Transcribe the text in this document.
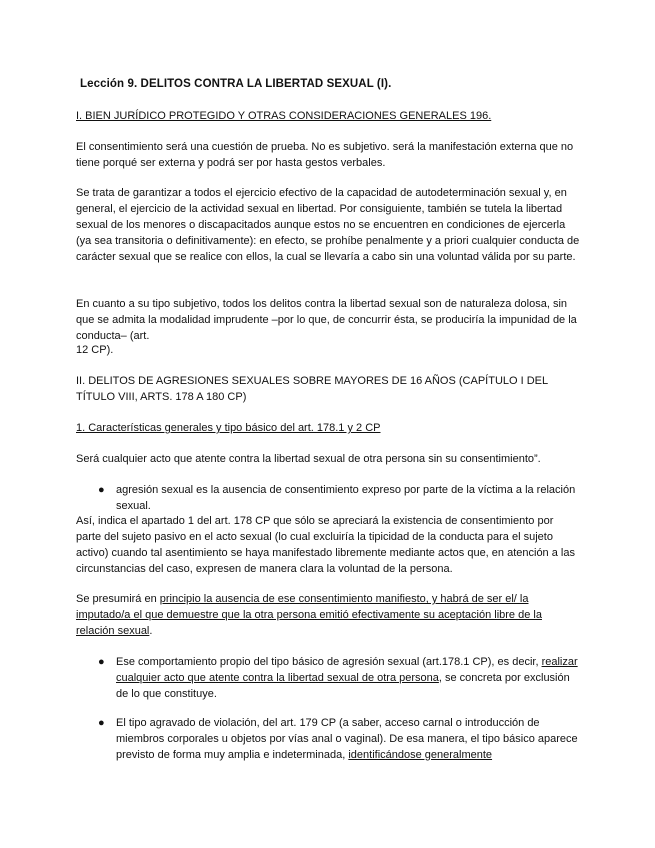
Lección 9. DELITOS CONTRA LA LIBERTAD SEXUAL (I).
I. BIEN JURÍDICO PROTEGIDO Y OTRAS CONSIDERACIONES GENERALES 196.

El consentimiento será una cuestión de prueba. No es subjetivo. será la manifestación externa que no tiene porqué ser externa y podrá ser por hasta gestos verbales.

Se trata de garantizar a todos el ejercicio efectivo de la capacidad de autodeterminación sexual y, en general, el ejercicio de la actividad sexual en libertad. Por consiguiente, también se tutela la libertad sexual de los menores o discapacitados aunque estos no se encuentren en condiciones de ejercerla (ya sea transitoria o definitivamente): en efecto, se prohíbe penalmente y a priori cualquier conducta de carácter sexual que se realice con ellos, la cual se llevaría a cabo sin una voluntad válida por su parte.

En cuanto a su tipo subjetivo, todos los delitos contra la libertad sexual son de naturaleza dolosa, sin que se admita la modalidad imprudente –por lo que, de concurrir ésta, se produciría la impunidad de la conducta– (art.

12 CP).

II. DELITOS DE AGRESIONES SEXUALES SOBRE MAYORES DE 16 AÑOS (CAPÍTULO I DEL TÍTULO VIII, ARTS. 178 A 180 CP)
1. Características generales y tipo básico del art. 178.1 y 2 CP

Será cualquier acto que atente contra la libertad sexual de otra persona sin su consentimiento”.

●	agresión sexual es la ausencia de consentimiento expreso por parte de la víctima a la relación sexual.

Así, indica el apartado 1 del art. 178 CP que sólo se apreciará la existencia de consentimiento por parte del sujeto pasivo en el acto sexual (lo cual excluiría la tipicidad de la conducta para el sujeto activo) cuando tal asentimiento se haya manifestado libremente mediante actos que, en atención a las circunstancias del caso, expresen de manera clara la voluntad de la persona.

Se presumirá en principio la ausencia de ese consentimiento manifiesto, y habrá de ser el/ la imputado/a el que demuestre que la otra persona emitió efectivamente su aceptación libre de la relación sexual.

●	Ese comportamiento propio del tipo básico de agresión sexual (art.178.1 CP), es decir, realizar cualquier acto que atente contra la libertad sexual de otra persona, se concreta por exclusión de lo que constituye.

●	El tipo agravado de violación, del art. 179 CP (a saber, acceso carnal o introducción de miembros corporales u objetos por vías anal o vaginal). De esa manera, el tipo básico aparece previsto de forma muy amplia e indeterminada, identificándose generalmente
